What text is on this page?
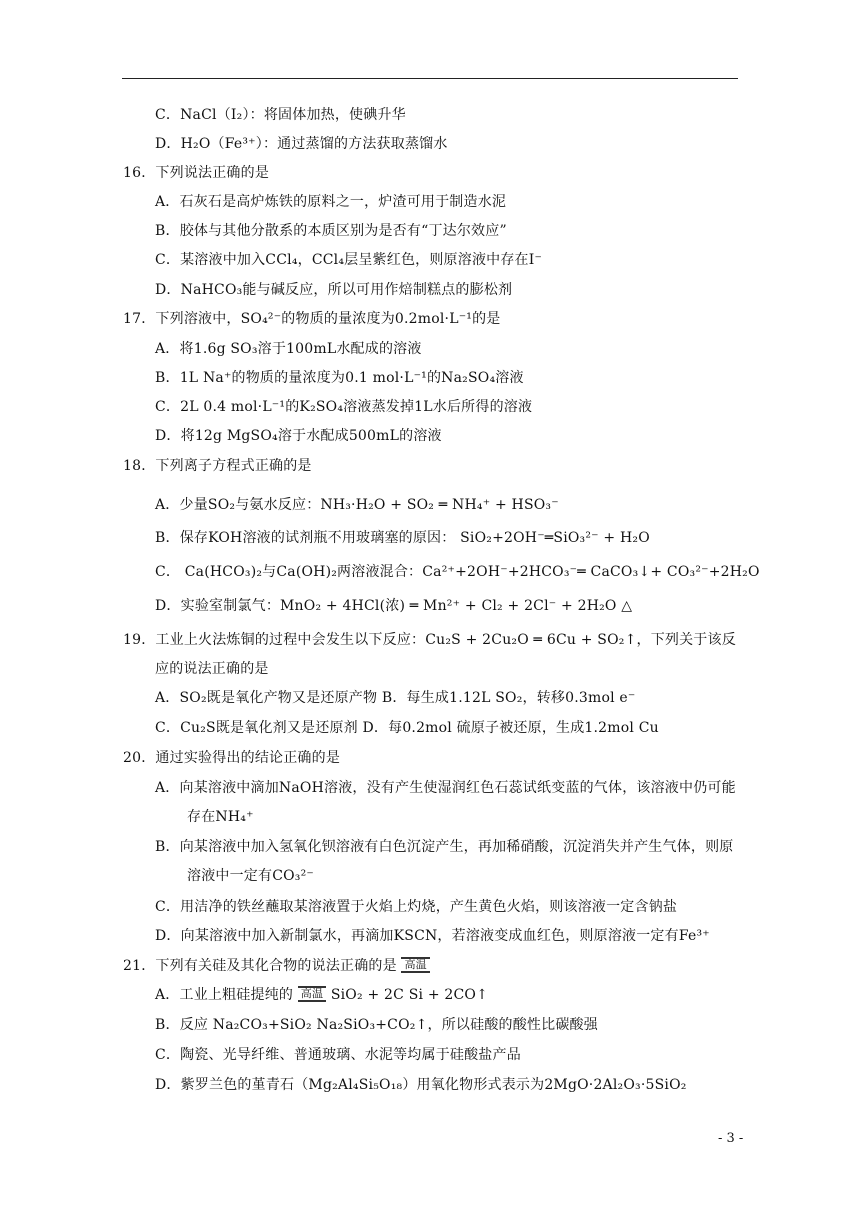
C．NaCl（I₂）：将固体加热，使碘升华
D．H₂O（Fe³⁺）：通过蒸馏的方法获取蒸馏水
16．下列说法正确的是
A．石灰石是高炉炼铁的原料之一，炉渣可用于制造水泥
B．胶体与其他分散系的本质区别为是否有“丁达尔效应”
C．某溶液中加入CCl₄，CCl₄层呈紫红色，则原溶液中存在I⁻
D．NaHCO₃能与碱反应，所以可用作焙制糕点的膨松剂
17．下列溶液中，SO₄²⁻的物质的量浓度为0.2mol·L⁻¹的是
A．将1.6g SO₃溶于100mL水配成的溶液
B．1L Na⁺的物质的量浓度为0.1 mol·L⁻¹的Na₂SO₄溶液
C．2L 0.4 mol·L⁻¹的K₂SO₄溶液蒸发掉1L水后所得的溶液
D．将12g MgSO₄溶于水配成500mL的溶液
18．下列离子方程式正确的是
A．少量SO₂与氨水反应：NH₃·H₂O + SO₂ ═ NH₄⁺ + HSO₃⁻
B．保存KOH溶液的试剂瓶不用玻璃塞的原因： SiO₂+2OH⁻═SiO₃²⁻ + H₂O
C． Ca(HCO₃)₂与Ca(OH)₂两溶液混合：Ca²⁺+2OH⁻+2HCO₃⁻═ CaCO₃↓+ CO₃²⁻+2H₂O
D．实验室制氯气：MnO₂ + 4HCl(浓) ═ Mn²⁺ + Cl₂ + 2Cl⁻ + 2H₂O △
19．工业上火法炼铜的过程中会发生以下反应：Cu₂S + 2Cu₂O ═ 6Cu + SO₂↑，下列关于该反
应的说法正确的是
A．SO₂既是氧化产物又是还原产物 B．每生成1.12L SO₂，转移0.3mol e⁻
C．Cu₂S既是氧化剂又是还原剂 D．每0.2mol 硫原子被还原，生成1.2mol Cu
20．通过实验得出的结论正确的是
A．向某溶液中滴加NaOH溶液，没有产生使湿润红色石蕊试纸变蓝的气体，该溶液中仍可能
存在NH₄⁺
B．向某溶液中加入氢氧化钡溶液有白色沉淀产生，再加稀硝酸，沉淀消失并产生气体，则原
溶液中一定有CO₃²⁻
C．用洁净的铁丝蘸取某溶液置于火焰上灼烧，产生黄色火焰，则该溶液一定含钠盐
D．向某溶液中加入新制氯水，再滴加KSCN，若溶液变成血红色，则原溶液一定有Fe³⁺
21．下列有关硅及其化合物的说法正确的是 高温
A．工业上粗硅提纯的 高温 SiO₂ + 2C Si + 2CO↑
B．反应 Na₂CO₃+SiO₂ Na₂SiO₃+CO₂↑，所以硅酸的酸性比碳酸强
C．陶瓷、光导纤维、普通玻璃、水泥等均属于硅酸盐产品
D．紫罗兰色的堇青石（Mg₂Al₄Si₅O₁₈）用氧化物形式表示为2MgO·2Al₂O₃·5SiO₂
- 3 -
